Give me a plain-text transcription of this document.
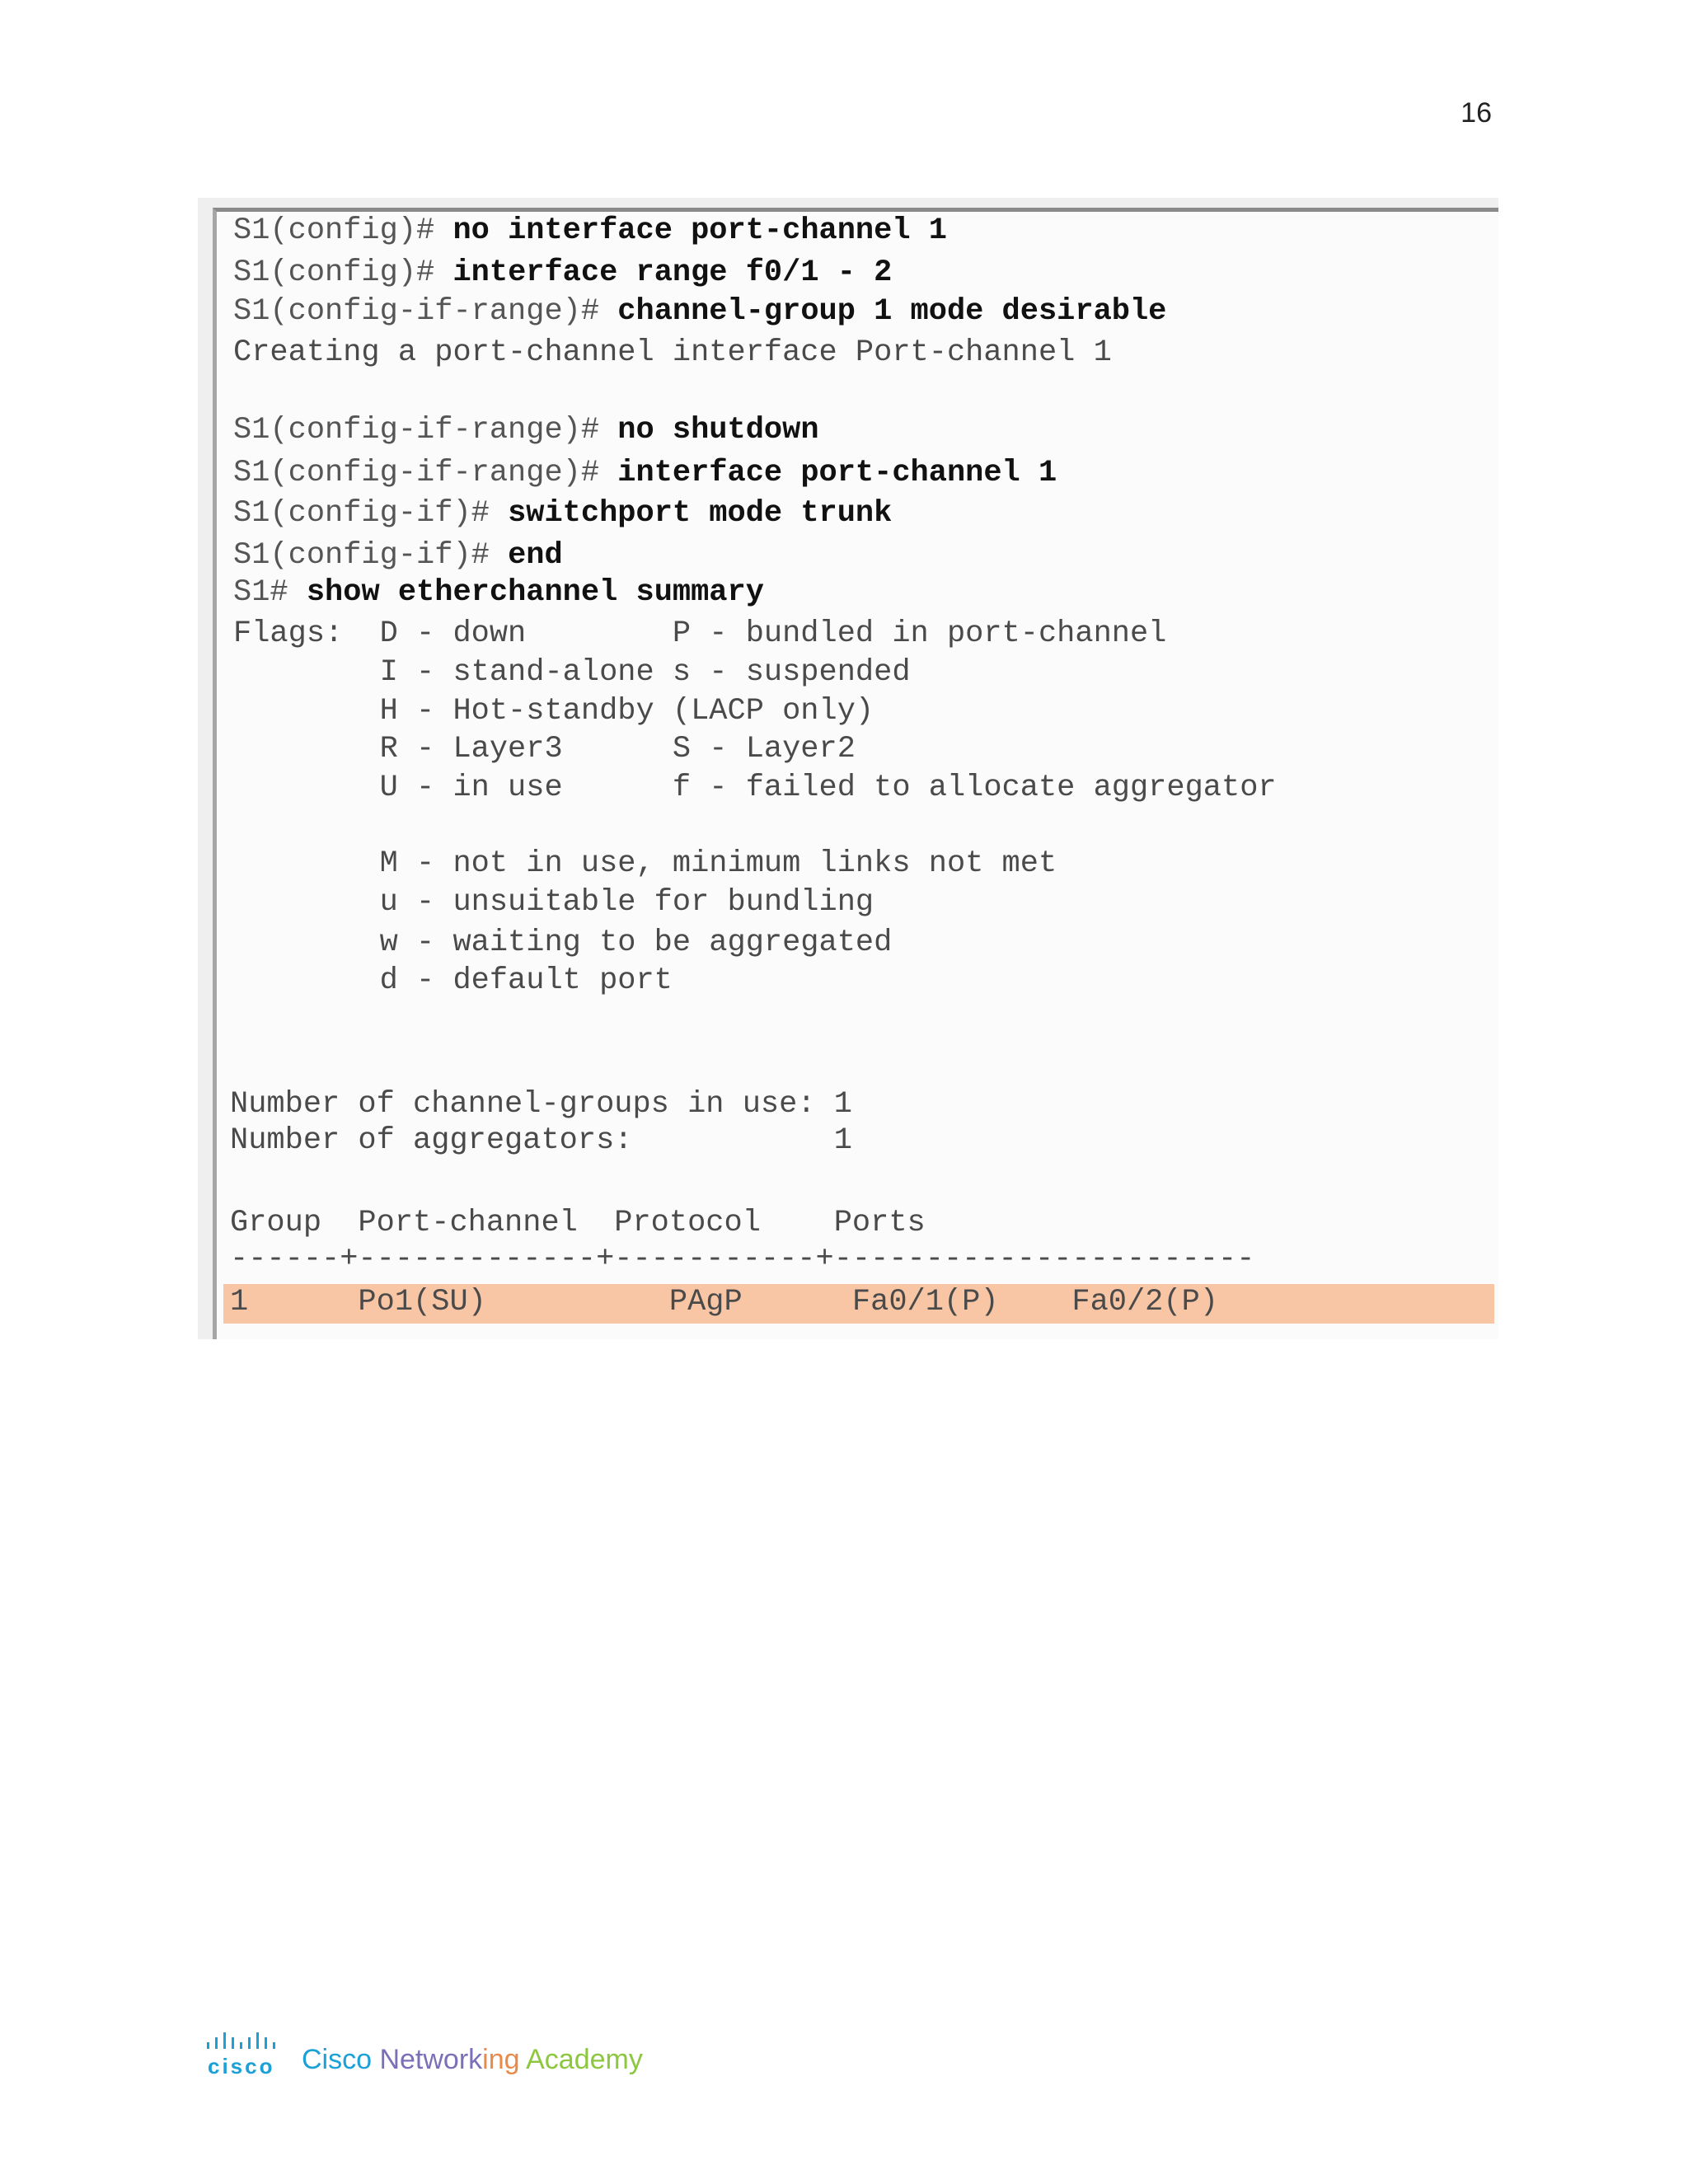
16
S1(config)# no interface port-channel 1
S1(config)# interface range f0/1 - 2
S1(config-if-range)# channel-group 1 mode desirable
Creating a port-channel interface Port-channel 1
S1(config-if-range)# no shutdown
S1(config-if-range)# interface port-channel 1
S1(config-if)# switchport mode trunk
S1(config-if)# end
S1# show etherchannel summary
Flags:  D - down        P - bundled in port-channel
I - stand-alone s - suspended
H - Hot-standby (LACP only)
R - Layer3      S - Layer2
U - in use      f - failed to allocate aggregator
M - not in use, minimum links not met
u - unsuitable for bundling
w - waiting to be aggregated
d - default port
Number of channel-groups in use: 1
Number of aggregators:           1
Group  Port-channel  Protocol    Ports
------+-------------+-----------+-----------------------
1      Po1(SU)          PAgP      Fa0/1(P)    Fa0/2(P)
cisco Cisco Networking Academy
